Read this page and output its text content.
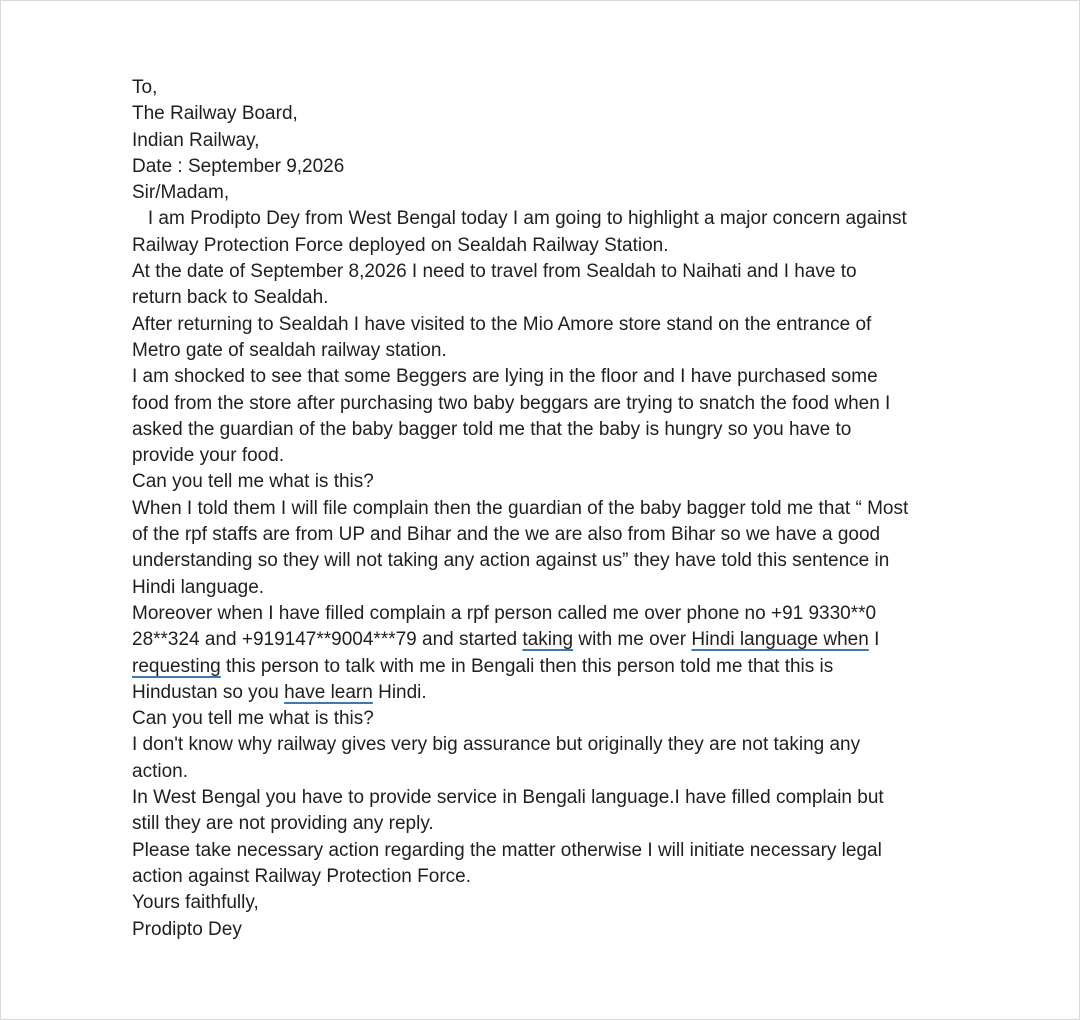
To,
The Railway Board,
Indian Railway,
Date : September 9,2026
Sir/Madam,
I am Prodipto Dey from West Bengal today I am going to highlight a major concern against
Railway Protection Force deployed on Sealdah Railway Station.
At the date of September 8,2026 I need to travel from Sealdah to Naihati and I have to
return back to Sealdah.
After returning to Sealdah I have visited to the Mio Amore store stand on the entrance of
Metro gate of sealdah railway station.
I am shocked to see that some Beggers are lying in the floor and I have purchased some
food from the store after purchasing two baby beggars are trying to snatch the food when I
asked the guardian of the baby bagger told me that the baby is hungry so you have to
provide your food.
Can you tell me what is this?
When I told them I will file complain then the guardian of the baby bagger told me that “ Most
of the rpf staffs are from UP and Bihar and the we are also from Bihar so we have a good
understanding so they will not taking any action against us” they have told this sentence in
Hindi language.
Moreover when I have filled complain a rpf person called me over phone no +91 9330**0
28**324 and +919147**9004***79 and started taking with me over Hindi language when I
requesting this person to talk with me in Bengali then this person told me that this is
Hindustan so you have learn Hindi.
Can you tell me what is this?
I don't know why railway gives very big assurance but originally they are not taking any
action.
In West Bengal you have to provide service in Bengali language.I have filled complain but
still they are not providing any reply.
Please take necessary action regarding the matter otherwise I will initiate necessary legal
action against Railway Protection Force.
Yours faithfully,
Prodipto Dey
